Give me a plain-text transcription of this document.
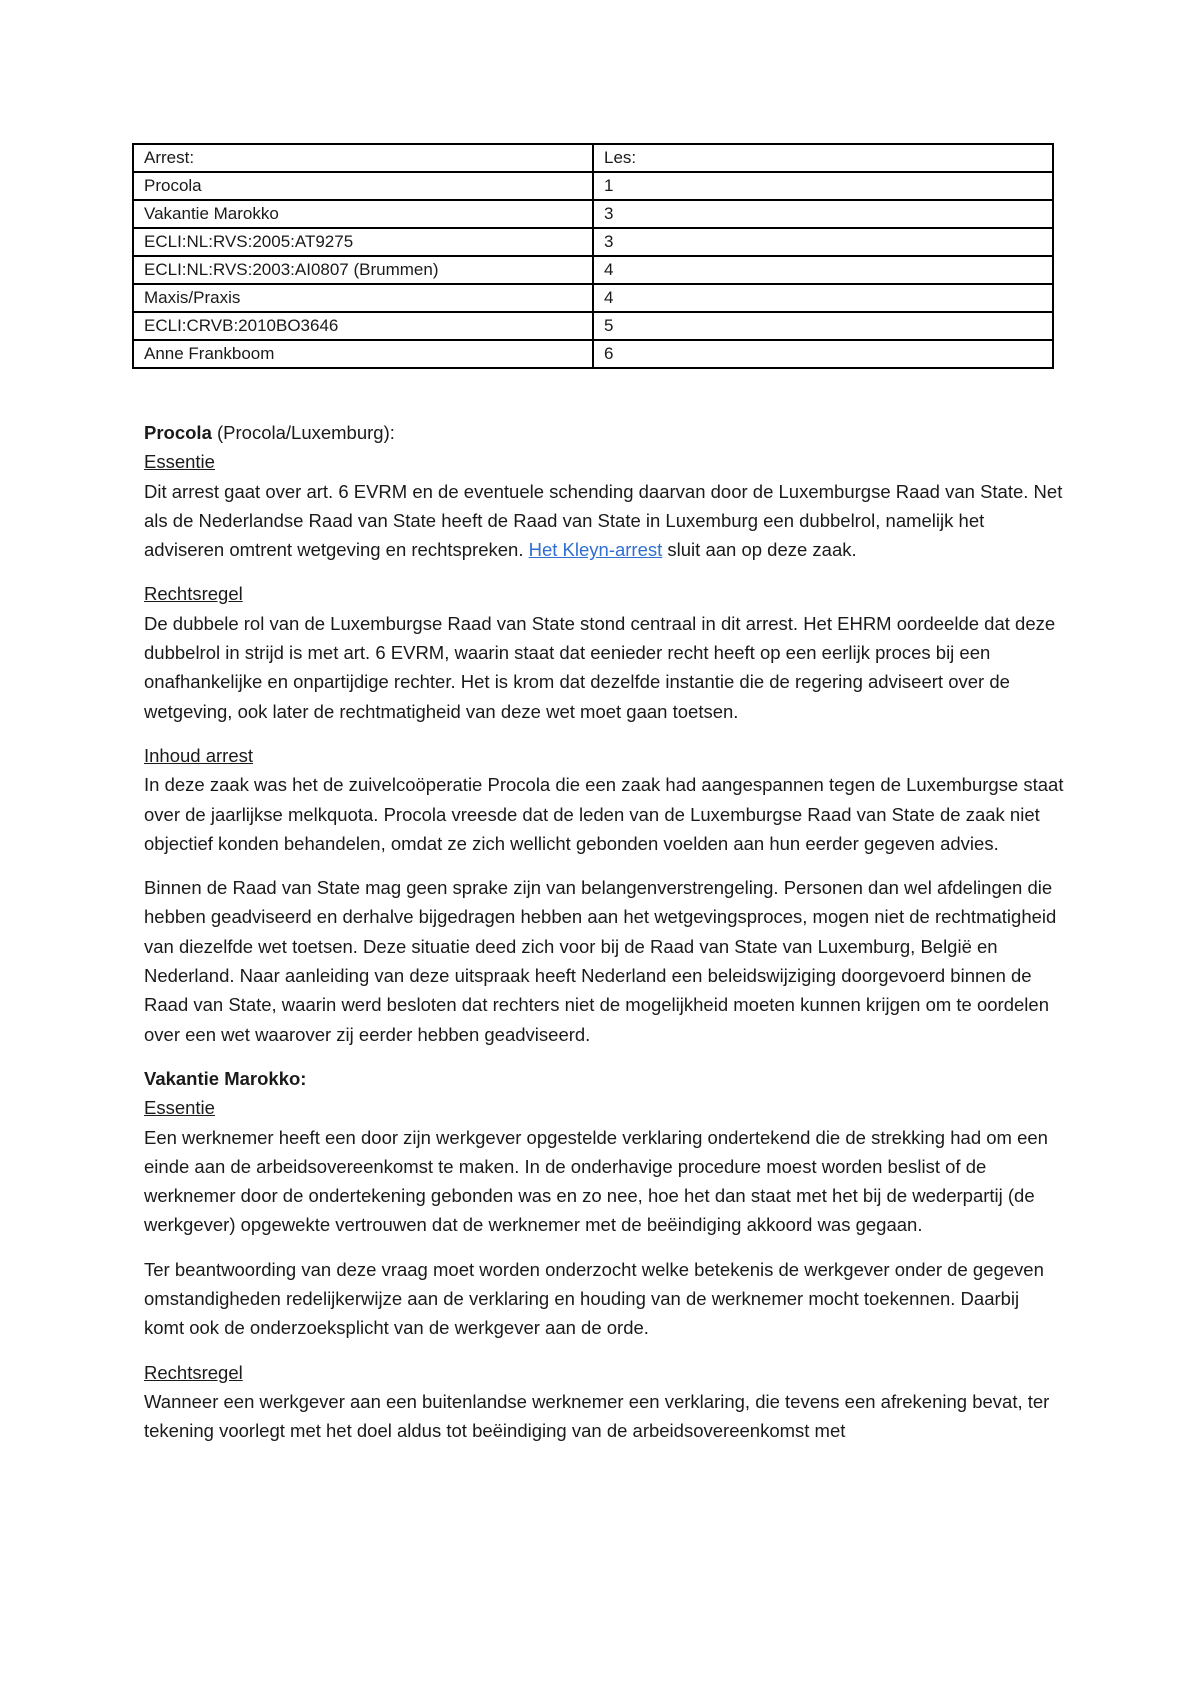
Arrest:	Les:
Procola	1
Vakantie Marokko	3
ECLI:NL:RVS:2005:AT9275	3
ECLI:NL:RVS:2003:AI0807 (Brummen)	4
Maxis/Praxis	4
ECLI:CRVB:2010BO3646	5
Anne Frankboom	6

Procola (Procola/Luxemburg):

Essentie

Dit arrest gaat over art. 6 EVRM en de eventuele schending daarvan door de Luxemburgse Raad van State. Net als de Nederlandse Raad van State heeft de Raad van State in Luxemburg een dubbelrol, namelijk het adviseren omtrent wetgeving en rechtspreken. Het Kleyn-arrest sluit aan op deze zaak.

Rechtsregel

De dubbele rol van de Luxemburgse Raad van State stond centraal in dit arrest. Het EHRM oordeelde dat deze dubbelrol in strijd is met art. 6 EVRM, waarin staat dat eenieder recht heeft op een eerlijk proces bij een onafhankelijke en onpartijdige rechter. Het is krom dat dezelfde instantie die de regering adviseert over de wetgeving, ook later de rechtmatigheid van deze wet moet gaan toetsen.

Inhoud arrest

In deze zaak was het de zuivelcoöperatie Procola die een zaak had aangespannen tegen de Luxemburgse staat over de jaarlijkse melkquota. Procola vreesde dat de leden van de Luxemburgse Raad van State de zaak niet objectief konden behandelen, omdat ze zich wellicht gebonden voelden aan hun eerder gegeven advies.

Binnen de Raad van State mag geen sprake zijn van belangenverstrengeling. Personen dan wel afdelingen die hebben geadviseerd en derhalve bijgedragen hebben aan het wetgevingsproces, mogen niet de rechtmatigheid van diezelfde wet toetsen. Deze situatie deed zich voor bij de Raad van State van Luxemburg, België en Nederland. Naar aanleiding van deze uitspraak heeft Nederland een beleidswijziging doorgevoerd binnen de Raad van State, waarin werd besloten dat rechters niet de mogelijkheid moeten kunnen krijgen om te oordelen over een wet waarover zij eerder hebben geadviseerd.

Vakantie Marokko:

Essentie

Een werknemer heeft een door zijn werkgever opgestelde verklaring ondertekend die de strekking had om een einde aan de arbeidsovereenkomst te maken. In de onderhavige procedure moest worden beslist of de werknemer door de ondertekening gebonden was en zo nee, hoe het dan staat met het bij de wederpartij (de werkgever) opgewekte vertrouwen dat de werknemer met de beëindiging akkoord was gegaan.

Ter beantwoording van deze vraag moet worden onderzocht welke betekenis de werkgever onder de gegeven omstandigheden redelijkerwijze aan de verklaring en houding van de werknemer mocht toekennen. Daarbij komt ook de onderzoeksplicht van de werkgever aan de orde.

Rechtsregel

Wanneer een werkgever aan een buitenlandse werknemer een verklaring, die tevens een afrekening bevat, ter tekening voorlegt met het doel aldus tot beëindiging van de arbeidsovereenkomst met
